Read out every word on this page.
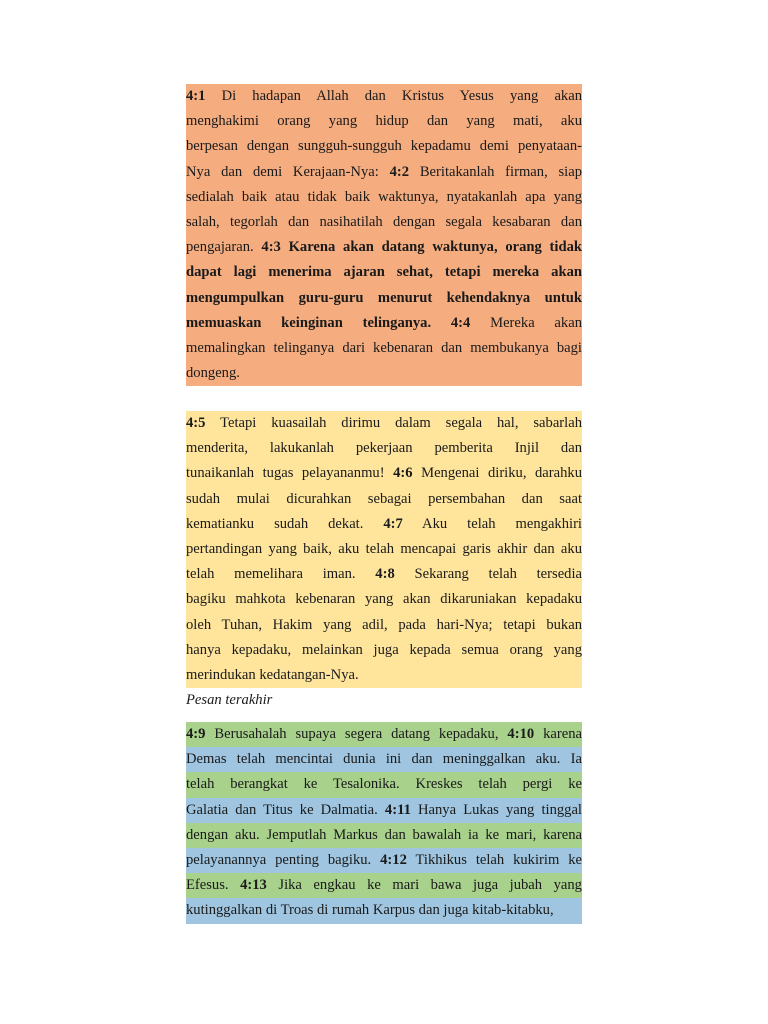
4:1 Di hadapan Allah dan Kristus Yesus yang akan
menghakimi orang yang hidup dan yang mati, aku
berpesan dengan sungguh-sungguh kepadamu demi penyataan-
Nya dan demi Kerajaan-Nya: 4:2 Beritakanlah firman, siap
sedialah baik atau tidak baik waktunya, nyatakanlah apa yang
salah, tegorlah dan nasihatilah dengan segala kesabaran dan
pengajaran. 4:3 Karena akan datang waktunya, orang tidak
dapat lagi menerima ajaran sehat, tetapi mereka akan
mengumpulkan guru-guru menurut kehendaknya untuk
memuaskan keinginan telinganya. 4:4 Mereka akan
memalingkan telinganya dari kebenaran dan membukanya bagi
dongeng.
4:5 Tetapi kuasailah dirimu dalam segala hal, sabarlah
menderita, lakukanlah pekerjaan pemberita Injil dan
tunaikanlah tugas pelayananmu! 4:6 Mengenai diriku, darahku
sudah mulai dicurahkan sebagai persembahan dan saat
kematianku sudah dekat. 4:7 Aku telah mengakhiri
pertandingan yang baik, aku telah mencapai garis akhir dan aku
telah memelihara iman. 4:8 Sekarang telah tersedia
bagiku mahkota kebenaran yang akan dikaruniakan kepadaku
oleh Tuhan, Hakim yang adil, pada hari-Nya; tetapi bukan
hanya kepadaku, melainkan juga kepada semua orang yang
merindukan kedatangan-Nya.
Pesan terakhir
4:9 Berusahalah supaya segera datang kepadaku, 4:10 karena
Demas telah mencintai dunia ini dan meninggalkan aku. Ia
telah berangkat ke Tesalonika. Kreskes telah pergi ke
Galatia dan Titus ke Dalmatia. 4:11 Hanya Lukas yang tinggal
dengan aku. Jemputlah Markus dan bawalah ia ke mari, karena
pelayanannya penting bagiku. 4:12 Tikhikus telah kukirim ke
Efesus. 4:13 Jika engkau ke mari bawa juga jubah yang
kutinggalkan di Troas di rumah Karpus dan juga kitab-kitabku,
